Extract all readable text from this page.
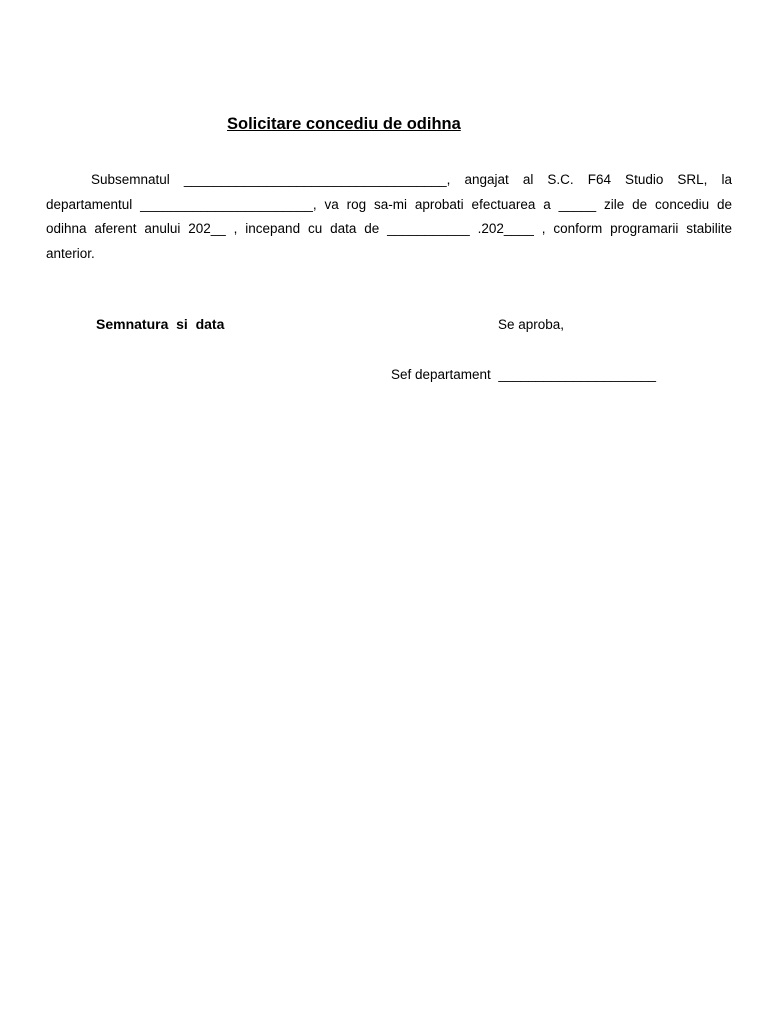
Solicitare concediu de odihna
Subsemnatul ___________________________________, angajat al S.C. F64 Studio SRL, la
departamentul _______________________, va rog sa-mi aprobati efectuarea a _____ zile de concediu de
odihna aferent anului 202__ , incepand cu data de ___________ .202____ , conform programarii stabilite
anterior.

Semnatura  si  data	Se aproba,

Sef departament  _____________________
